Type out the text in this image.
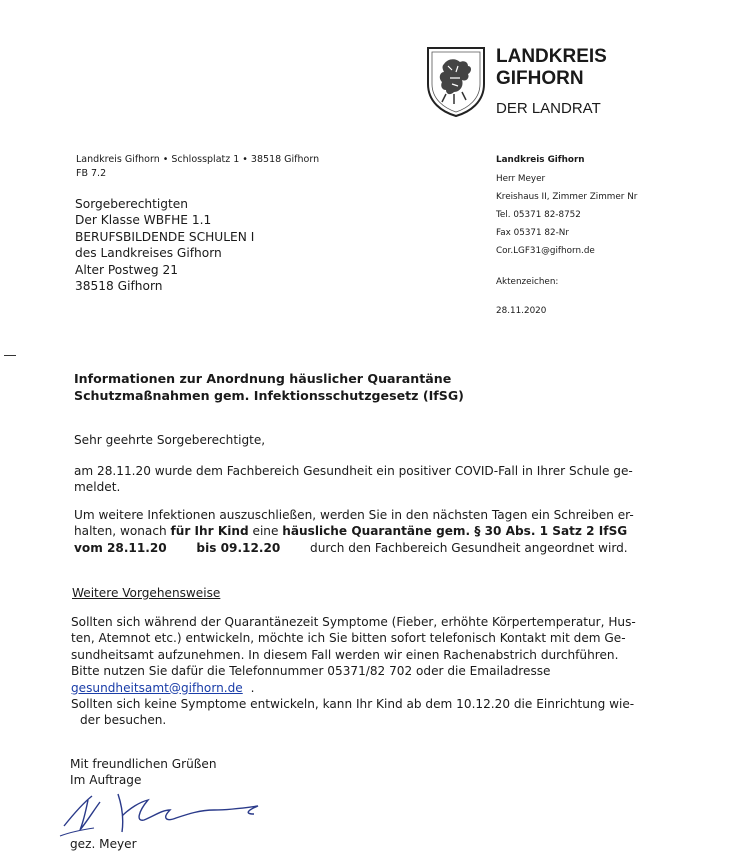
LANDKREIS
GIFHORN
DER LANDRAT
Landkreis Gifhorn • Schlossplatz 1 • 38518 Gifhorn
FB 7.2
Sorgeberechtigten
Der Klasse WBFHE 1.1
BERUFSBILDENDE SCHULEN I
des Landkreises Gifhorn
Alter Postweg 21
38518 Gifhorn
Landkreis Gifhorn
Herr Meyer
Kreishaus II, Zimmer Zimmer Nr
Tel. 05371 82-8752
Fax 05371 82-Nr
Cor.LGF31@gifhorn.de
Aktenzeichen:
28.11.2020
Informationen zur Anordnung häuslicher Quarantäne
Schutzmaßnahmen gem. Infektionsschutzgesetz (IfSG)
Sehr geehrte Sorgeberechtigte,
am 28.11.20 wurde dem Fachbereich Gesundheit ein positiver COVID-Fall in Ihrer Schule ge-
meldet.
Um weitere Infektionen auszuschließen, werden Sie in den nächsten Tagen ein Schreiben er-
halten, wonach für Ihr Kind eine häusliche Quarantäne gem. § 30 Abs. 1 Satz 2 IfSG
vom 28.11.20 bis 09.12.20 durch den Fachbereich Gesundheit angeordnet wird.
Weitere Vorgehensweise
Sollten sich während der Quarantänezeit Symptome (Fieber, erhöhte Körpertemperatur, Hus-
ten, Atemnot etc.) entwickeln, möchte ich Sie bitten sofort telefonisch Kontakt mit dem Ge-
sundheitsamt aufzunehmen. In diesem Fall werden wir einen Rachenabstrich durchführen.
Bitte nutzen Sie dafür die Telefonnummer 05371/82 702 oder die Emailadresse
gesundheitsamt@gifhorn.de .
Sollten sich keine Symptome entwickeln, kann Ihr Kind ab dem 10.12.20 die Einrichtung wie-
der besuchen.
Mit freundlichen Grüßen
Im Auftrage
gez. Meyer
